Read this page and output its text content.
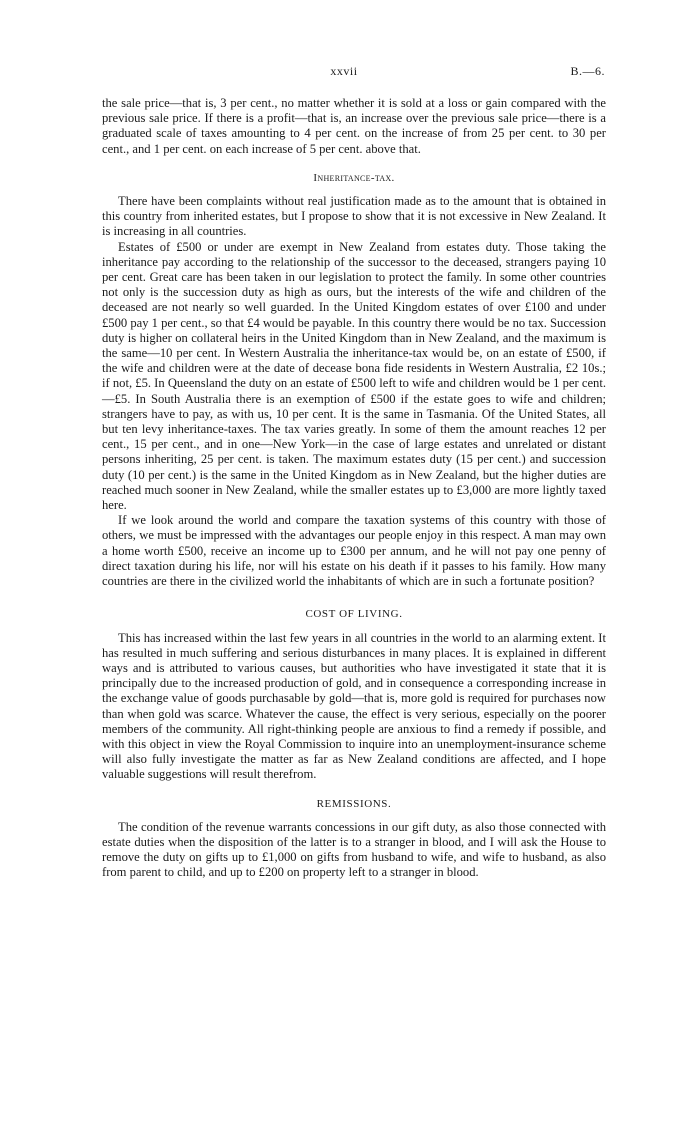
xxvii	B.—6.

the sale price—that is, 3 per cent., no matter whether it is sold at a loss or gain compared with the previous sale price. If there is a profit—that is, an increase over the previous sale price—there is a graduated scale of taxes amounting to 4 per cent. on the increase of from 25 per cent. to 30 per cent., and 1 per cent. on each increase of 5 per cent. above that.

Inheritance-tax.

There have been complaints without real justification made as to the amount that is obtained in this country from inherited estates, but I propose to show that it is not excessive in New Zealand. It is increasing in all countries.

Estates of £500 or under are exempt in New Zealand from estates duty. Those taking the inheritance pay according to the relationship of the successor to the deceased, strangers paying 10 per cent. Great care has been taken in our legislation to protect the family. In some other countries not only is the succession duty as high as ours, but the interests of the wife and children of the deceased are not nearly so well guarded. In the United Kingdom estates of over £100 and under £500 pay 1 per cent., so that £4 would be payable. In this country there would be no tax. Succession duty is higher on collateral heirs in the United Kingdom than in New Zealand, and the maximum is the same—10 per cent. In Western Australia the inheritance-tax would be, on an estate of £500, if the wife and children were at the date of decease bona fide residents in Western Australia, £2 10s.; if not, £5. In Queensland the duty on an estate of £500 left to wife and children would be 1 per cent.—£5. In South Australia there is an exemption of £500 if the estate goes to wife and children; strangers have to pay, as with us, 10 per cent. It is the same in Tasmania. Of the United States, all but ten levy inheritance-taxes. The tax varies greatly. In some of them the amount reaches 12 per cent., 15 per cent., and in one—New York—in the case of large estates and unrelated or distant persons inheriting, 25 per cent. is taken. The maximum estates duty (15 per cent.) and succession duty (10 per cent.) is the same in the United Kingdom as in New Zealand, but the higher duties are reached much sooner in New Zealand, while the smaller estates up to £3,000 are more lightly taxed here.

If we look around the world and compare the taxation systems of this country with those of others, we must be impressed with the advantages our people enjoy in this respect. A man may own a home worth £500, receive an income up to £300 per annum, and he will not pay one penny of direct taxation during his life, nor will his estate on his death if it passes to his family. How many countries are there in the civilized world the inhabitants of which are in such a fortunate position?

COST OF LIVING.

This has increased within the last few years in all countries in the world to an alarming extent. It has resulted in much suffering and serious disturbances in many places. It is explained in different ways and is attributed to various causes, but authorities who have investigated it state that it is principally due to the increased production of gold, and in consequence a corresponding increase in the exchange value of goods purchasable by gold—that is, more gold is required for purchases now than when gold was scarce. Whatever the cause, the effect is very serious, especially on the poorer members of the community. All right-thinking people are anxious to find a remedy if possible, and with this object in view the Royal Commission to inquire into an unemployment-insurance scheme will also fully investigate the matter as far as New Zealand conditions are affected, and I hope valuable suggestions will result therefrom.

REMISSIONS.

The condition of the revenue warrants concessions in our gift duty, as also those connected with estate duties when the disposition of the latter is to a stranger in blood, and I will ask the House to remove the duty on gifts up to £1,000 on gifts from husband to wife, and wife to husband, as also from parent to child, and up to £200 on property left to a stranger in blood.
